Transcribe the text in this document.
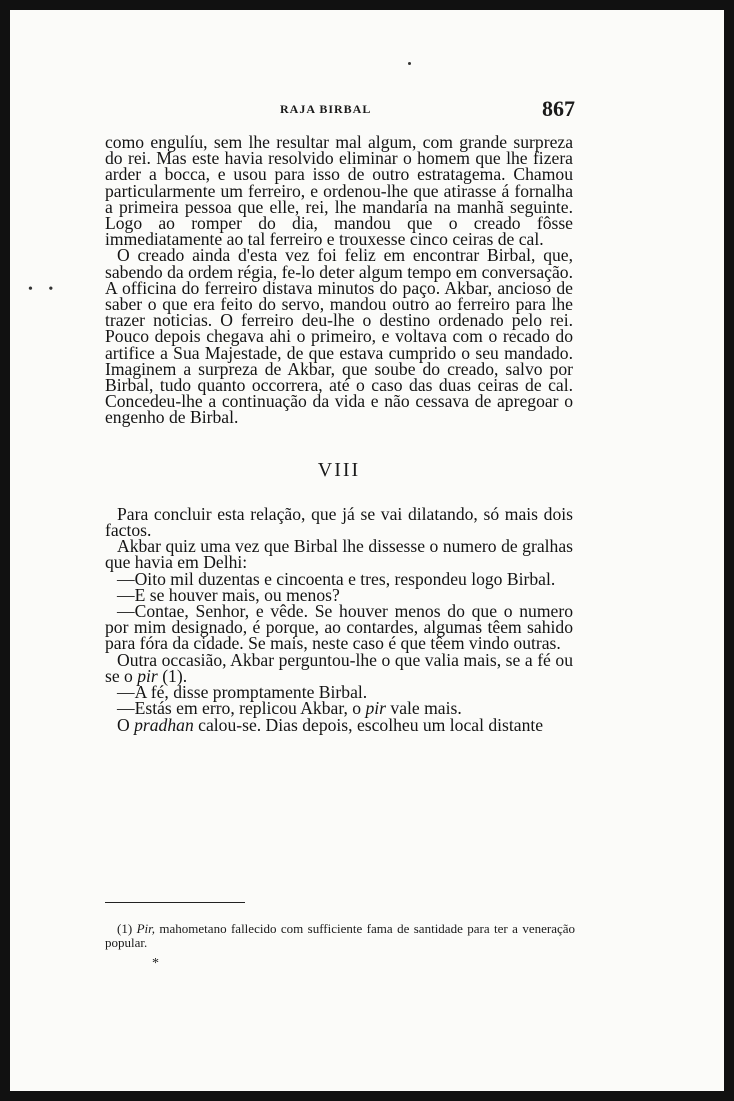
• •
RAJA BIRBAL	867

como engulíu, sem lhe resultar mal algum, com grande surpreza do rei. Mas este havia resolvido eliminar o homem que lhe fizera arder a bocca, e usou para isso de outro estratagema. Chamou particularmente um ferreiro, e ordenou-lhe que atirasse á fornalha a primeira pessoa que elle, rei, lhe mandaria na manhã seguinte. Logo ao romper do dia, mandou que o creado fôsse immediatamente ao tal ferreiro e trouxesse cinco ceiras de cal.

O creado ainda d'esta vez foi feliz em encontrar Birbal, que, sabendo da ordem régia, fe-lo deter algum tempo em conversação. A officina do ferreiro distava minutos do paço. Akbar, ancioso de saber o que era feito do servo, mandou outro ao ferreiro para lhe trazer noticias. O ferreiro deu-lhe o destino ordenado pelo rei. Pouco depois chegava ahi o primeiro, e voltava com o recado do artifice a Sua Majestade, de que estava cumprido o seu mandado. Imaginem a surpreza de Akbar, que soube do creado, salvo por Birbal, tudo quanto occorrera, até o caso das duas ceiras de cal. Concedeu-lhe a continuação da vida e não cessava de apregoar o engenho de Birbal.

VIII

Para concluir esta relação, que já se vai dilatando, só mais dois factos.

Akbar quiz uma vez que Birbal lhe dissesse o numero de gralhas que havia em Delhi:

—Oito mil duzentas e cincoenta e tres, respondeu logo Birbal.
—E se houver mais, ou menos?
—Contae, Senhor, e vêde. Se houver menos do que o numero por mim designado, é porque, ao contardes, algumas têem sahido para fóra da cidade. Se mais, neste caso é que têem vindo outras.

Outra occasião, Akbar perguntou-lhe o que valia mais, se a fé ou se o pir (1).

—A fé, disse promptamente Birbal.
—Estás em erro, replicou Akbar, o pir vale mais.

O pradhan calou-se. Dias depois, escolheu um local distante

(1) Pir, mahometano fallecido com sufficiente fama de santidade para ter a veneração popular.
*
